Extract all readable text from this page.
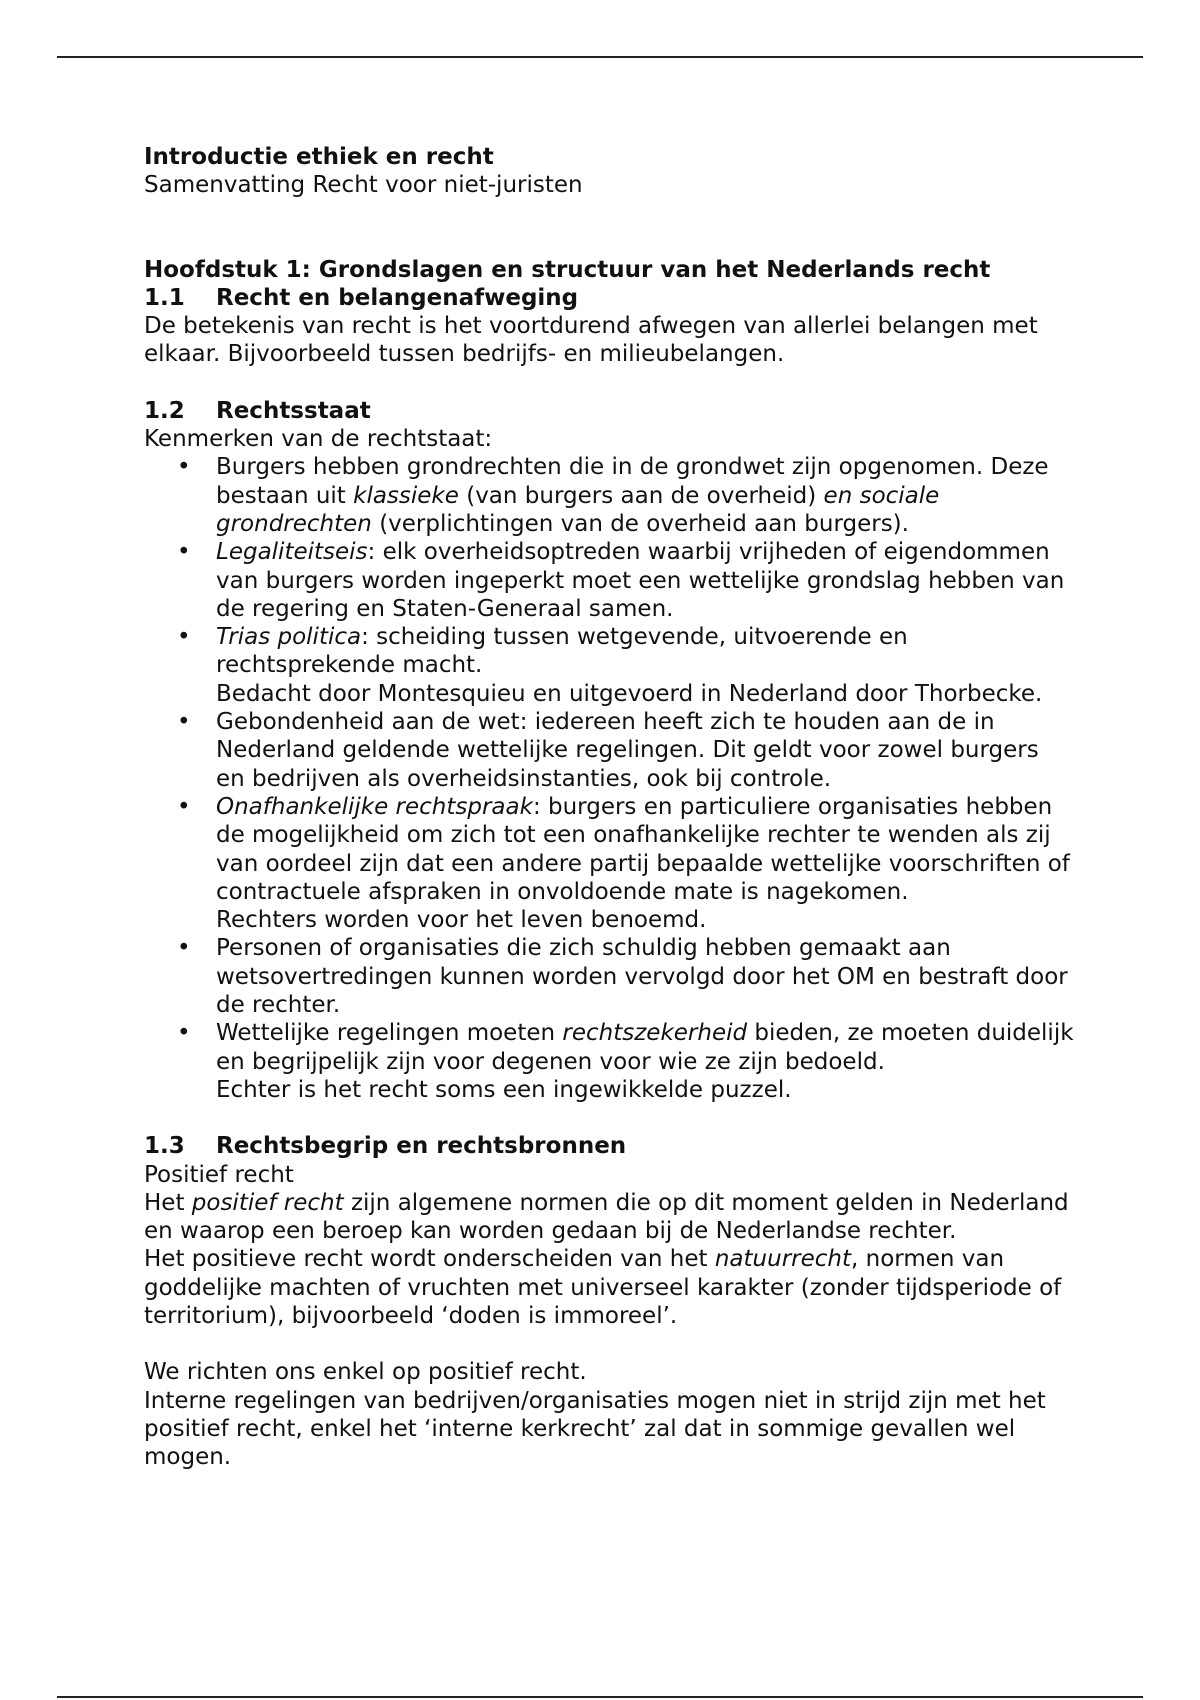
Introductie ethiek en recht

Samenvatting Recht voor niet-juristen

Hoofdstuk 1: Grondslagen en structuur van het Nederlands recht

1.1	Recht en belangenafweging

De betekenis van recht is het voortdurend afwegen van allerlei belangen met elkaar. Bijvoorbeeld tussen bedrijfs- en milieubelangen.

1.2	Rechtsstaat

Kenmerken van de rechtstaat:

• Burgers hebben grondrechten die in de grondwet zijn opgenomen. Deze bestaan uit klassieke (van burgers aan de overheid) en sociale grondrechten (verplichtingen van de overheid aan burgers).
• Legaliteitseis: elk overheidsoptreden waarbij vrijheden of eigendommen van burgers worden ingeperkt moet een wettelijke grondslag hebben van de regering en Staten-Generaal samen.
• Trias politica: scheiding tussen wetgevende, uitvoerende en rechtsprekende macht.
Bedacht door Montesquieu en uitgevoerd in Nederland door Thorbecke.
• Gebondenheid aan de wet: iedereen heeft zich te houden aan de in Nederland geldende wettelijke regelingen. Dit geldt voor zowel burgers en bedrijven als overheidsinstanties, ook bij controle.
• Onafhankelijke rechtspraak: burgers en particuliere organisaties hebben de mogelijkheid om zich tot een onafhankelijke rechter te wenden als zij van oordeel zijn dat een andere partij bepaalde wettelijke voorschriften of contractuele afspraken in onvoldoende mate is nagekomen.
Rechters worden voor het leven benoemd.
• Personen of organisaties die zich schuldig hebben gemaakt aan wetsovertredingen kunnen worden vervolgd door het OM en bestraft door de rechter.
• Wettelijke regelingen moeten rechtszekerheid bieden, ze moeten duidelijk en begrijpelijk zijn voor degenen voor wie ze zijn bedoeld.
Echter is het recht soms een ingewikkelde puzzel.
1.3	Rechtsbegrip en rechtsbronnen

Positief recht

Het positief recht zijn algemene normen die op dit moment gelden in Nederland en waarop een beroep kan worden gedaan bij de Nederlandse rechter.

Het positieve recht wordt onderscheiden van het natuurrecht, normen van goddelijke machten of vruchten met universeel karakter (zonder tijdsperiode of territorium), bijvoorbeeld ‘doden is immoreel’.

We richten ons enkel op positief recht.

Interne regelingen van bedrijven/organisaties mogen niet in strijd zijn met het positief recht, enkel het ‘interne kerkrecht’ zal dat in sommige gevallen wel mogen.
